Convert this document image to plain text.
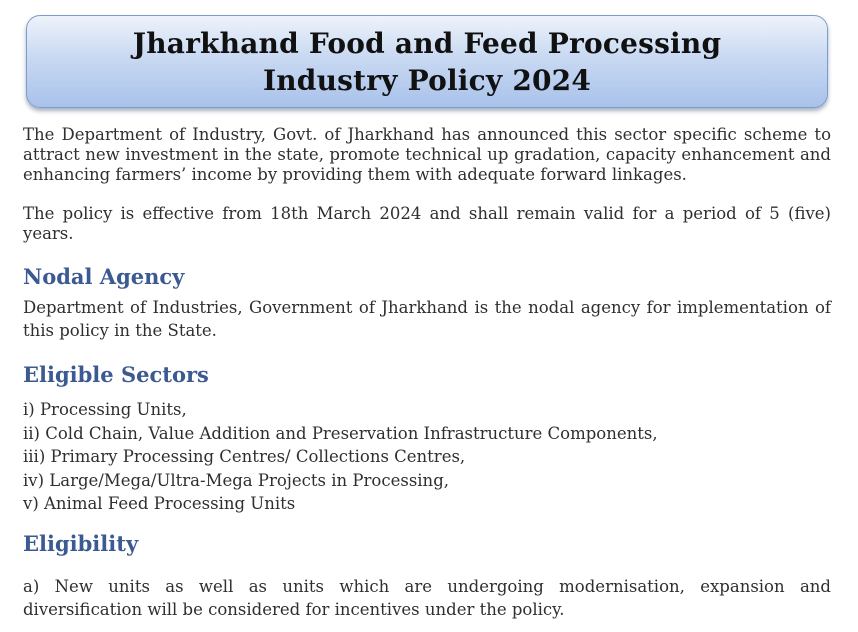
Jharkhand Food and Feed Processing
Industry Policy 2024

The Department of Industry, Govt. of Jharkhand has announced this sector specific scheme to attract new investment in the state, promote technical up gradation, capacity enhancement and enhancing farmers’ income by providing them with adequate forward linkages.

The policy is effective from 18th March 2024 and shall remain valid for a period of 5 (five) years.

Nodal Agency

Department of Industries, Government of Jharkhand is the nodal agency for implementation of this policy in the State.

Eligible Sectors
i) Processing Units,
ii) Cold Chain, Value Addition and Preservation Infrastructure Components,
iii) Primary Processing Centres/ Collections Centres,
iv) Large/Mega/Ultra-Mega Projects in Processing,
v) Animal Feed Processing Units
Eligibility

a) New units as well as units which are undergoing modernisation, expansion and diversification will be considered for incentives under the policy.
